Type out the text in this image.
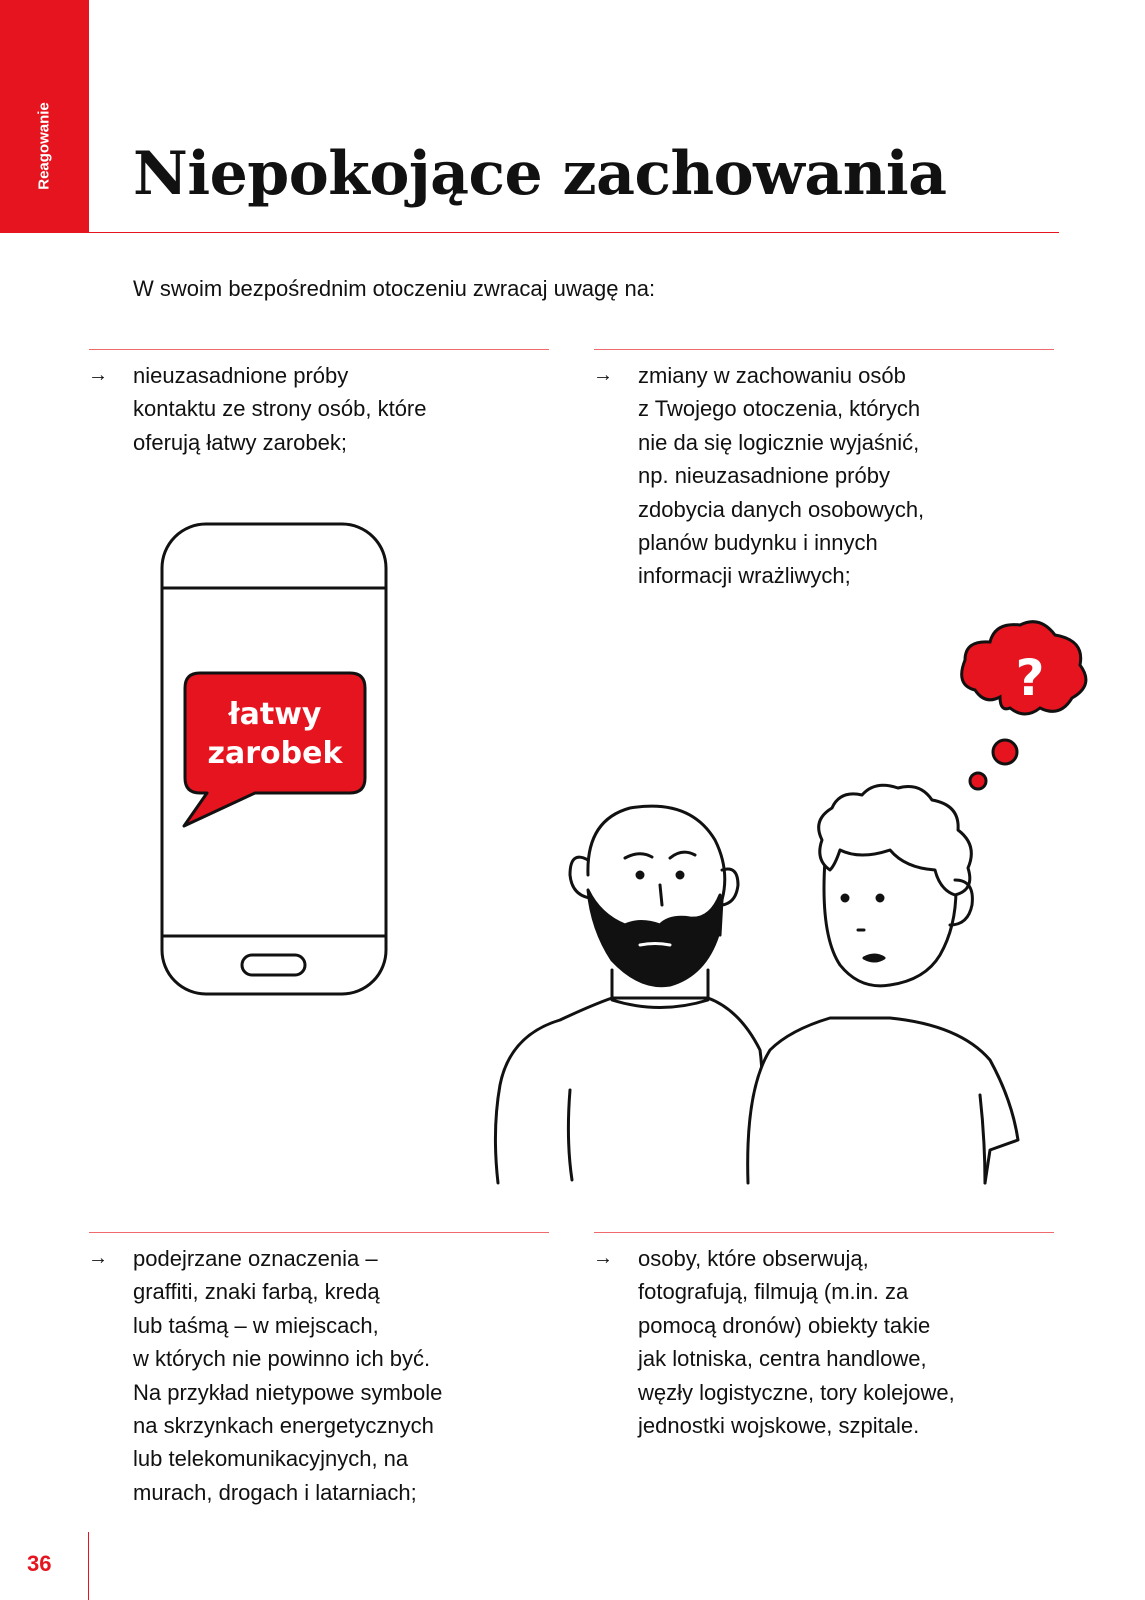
Reagowanie Niepokojące zachowania
W swoim bezpośrednim otoczeniu zwracaj uwagę na:
→	nieuzasadnione próby
kontaktu ze strony osób, które
oferują łatwy zarobek;

→	zmiany w zachowaniu osób
z Twojego otoczenia, których
nie da się logicznie wyjaśnić,
np. nieuzasadnione próby
zdobycia danych osobowych,
planów budynku i innych
informacji wrażliwych;

→	podejrzane oznaczenia –
graffiti, znaki farbą, kredą
lub taśmą – w miejscach,
w których nie powinno ich być.
Na przykład nietypowe symbole
na skrzynkach energetycznych
lub telekomunikacyjnych, na
murach, drogach i latarniach;

→	osoby, które obserwują,
fotografują, filmują (m.in. za
pomocą dronów) obiekty takie
jak lotniska, centra handlowe,
węzły logistyczne, tory kolejowe,
jednostki wojskowe, szpitale.

łatwy
zarobek
?
36
